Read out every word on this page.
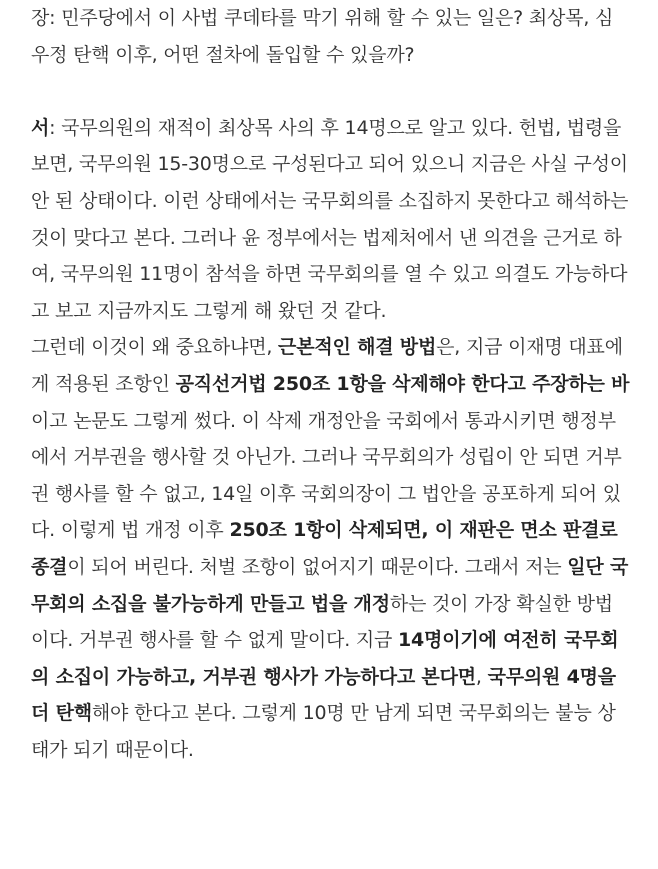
장: 민주당에서 이 사법 쿠데타를 막기 위해 할 수 있는 일은? 최상목, 심우정 탄핵 이후, 어떤 절차에 돌입할 수 있을까?

서: 국무의원의 재적이 최상목 사의 후 14명으로 알고 있다. 헌법, 법령을 보면, 국무의원 15-30명으로 구성된다고 되어 있으니 지금은 사실 구성이 안 된 상태이다. 이런 상태에서는 국무회의를 소집하지 못한다고 해석하는 것이 맞다고 본다. 그러나 윤 정부에서는 법제처에서 낸 의견을 근거로 하여, 국무의원 11명이 참석을 하면 국무회의를 열 수 있고 의결도 가능하다고 보고 지금까지도 그렇게 해 왔던 것 같다.

그런데 이것이 왜 중요하냐면, 근본적인 해결 방법은, 지금 이재명 대표에게 적용된 조항인 공직선거법 250조 1항을 삭제해야 한다고 주장하는 바이고 논문도 그렇게 썼다. 이 삭제 개정안을 국회에서 통과시키면 행정부에서 거부권을 행사할 것 아닌가. 그러나 국무회의가 성립이 안 되면 거부권 행사를 할 수 없고, 14일 이후 국회의장이 그 법안을 공포하게 되어 있다. 이렇게 법 개정 이후 250조 1항이 삭제되면, 이 재판은 면소 판결로 종결이 되어 버린다. 처벌 조항이 없어지기 때문이다. 그래서 저는 일단 국무회의 소집을 불가능하게 만들고 법을 개정하는 것이 가장 확실한 방법이다. 거부권 행사를 할 수 없게 말이다. 지금 14명이기에 여전히 국무회의 소집이 가능하고, 거부권 행사가 가능하다고 본다면, 국무의원 4명을 더 탄핵해야 한다고 본다. 그렇게 10명 만 남게 되면 국무회의는 불능 상태가 되기 때문이다.
